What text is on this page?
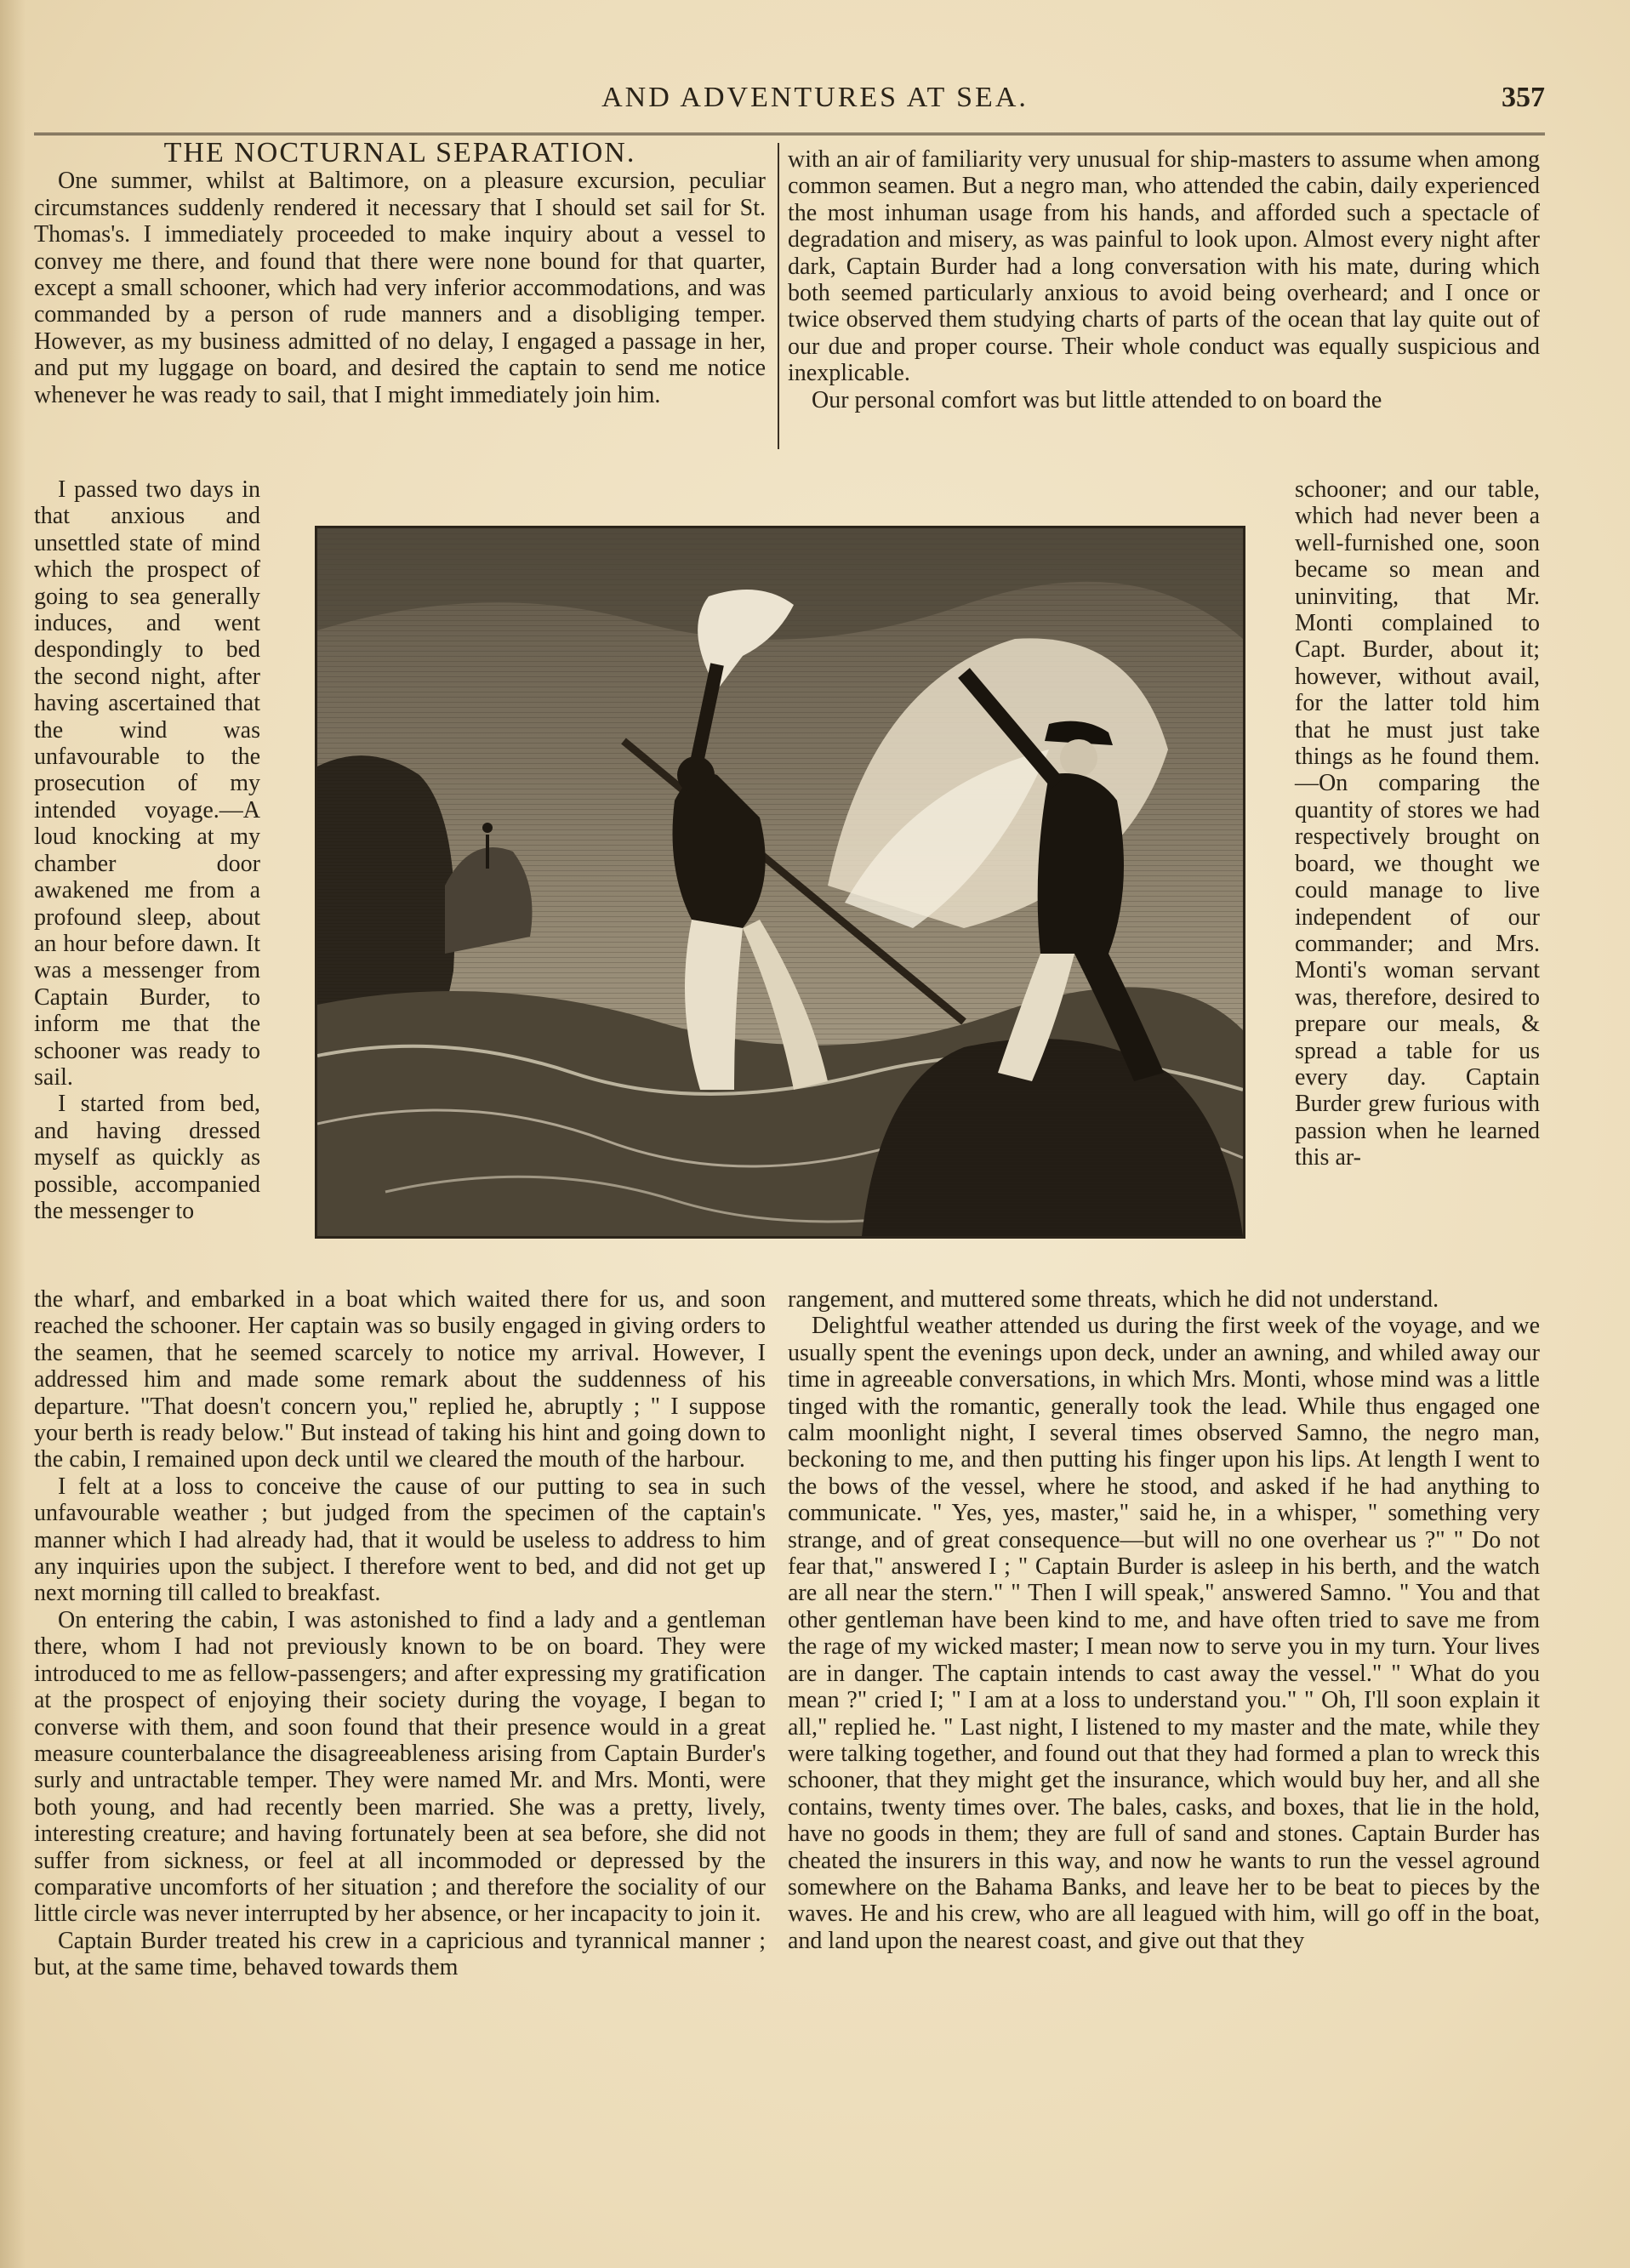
AND ADVENTURES AT SEA.	357
THE NOCTURNAL SEPARATION.

One summer, whilst at Baltimore, on a pleasure excursion, peculiar circumstances suddenly rendered it necessary that I should set sail for St. Thomas's. I immediately proceeded to make inquiry about a vessel to convey me there, and found that there were none bound for that quarter, except a small schooner, which had very inferior accommodations, and was commanded by a person of rude manners and a disobliging temper. However, as my business admitted of no delay, I engaged a passage in her, and put my luggage on board, and desired the captain to send me notice whenever he was ready to sail, that I might immediately join him.

I passed two days in that anxious and unsettled state of mind which the prospect of going to sea generally induces, and went despondingly to bed the second night, after having ascertained that the wind was unfavourable to the prosecution of my intended voyage.—A loud knocking at my chamber door awakened me from a profound sleep, about an hour before dawn. It was a messenger from Captain Burder, to inform me that the schooner was ready to sail.

I started from bed, and having dressed myself as quickly as possible, accompanied the messenger to

the wharf, and embarked in a boat which waited there for us, and soon reached the schooner. Her captain was so busily engaged in giving orders to the seamen, that he seemed scarcely to notice my arrival. However, I addressed him and made some remark about the suddenness of his departure. "That doesn't concern you," replied he, abruptly ; " I suppose your berth is ready below." But instead of taking his hint and going down to the cabin, I remained upon deck until we cleared the mouth of the harbour.

I felt at a loss to conceive the cause of our putting to sea in such unfavourable weather ; but judged from the specimen of the captain's manner which I had already had, that it would be useless to address to him any inquiries upon the subject. I therefore went to bed, and did not get up next morning till called to breakfast.

On entering the cabin, I was astonished to find a lady and a gentleman there, whom I had not previously known to be on board. They were introduced to me as fellow-passengers; and after expressing my gratification at the prospect of enjoying their society during the voyage, I began to converse with them, and soon found that their presence would in a great measure counterbalance the disagreeableness arising from Captain Burder's surly and untractable temper. They were named Mr. and Mrs. Monti, were both young, and had recently been married. She was a pretty, lively, interesting creature; and having fortunately been at sea before, she did not suffer from sickness, or feel at all incommoded or depressed by the comparative uncomforts of her situation ; and therefore the sociality of our little circle was never interrupted by her absence, or her incapacity to join it.

Captain Burder treated his crew in a capricious and tyrannical manner ; but, at the same time, behaved towards them

with an air of familiarity very unusual for ship-masters to assume when among common seamen. But a negro man, who attended the cabin, daily experienced the most inhuman usage from his hands, and afforded such a spectacle of degradation and misery, as was painful to look upon. Almost every night after dark, Captain Burder had a long conversation with his mate, during which both seemed particularly anxious to avoid being overheard; and I once or twice observed them studying charts of parts of the ocean that lay quite out of our due and proper course. Their whole conduct was equally suspicious and inexplicable.

Our personal comfort was but little attended to on board the

schooner; and our table, which had never been a well-furnished one, soon became so mean and uninviting, that Mr. Monti complained to Capt. Burder, about it; however, without avail, for the latter told him that he must just take things as he found them.—On comparing the quantity of stores we had respectively brought on board, we thought we could manage to live independent of our commander; and Mrs. Monti's woman servant was, therefore, desired to prepare our meals, & spread a table for us every day. Captain Burder grew furious with passion when he learned this ar-

rangement, and muttered some threats, which he did not understand.

Delightful weather attended us during the first week of the voyage, and we usually spent the evenings upon deck, under an awning, and whiled away our time in agreeable conversations, in which Mrs. Monti, whose mind was a little tinged with the romantic, generally took the lead. While thus engaged one calm moonlight night, I several times observed Samno, the negro man, beckoning to me, and then putting his finger upon his lips. At length I went to the bows of the vessel, where he stood, and asked if he had anything to communicate. " Yes, yes, master," said he, in a whisper, " something very strange, and of great consequence—but will no one overhear us ?" " Do not fear that," answered I ; " Captain Burder is asleep in his berth, and the watch are all near the stern." " Then I will speak," answered Samno. " You and that other gentleman have been kind to me, and have often tried to save me from the rage of my wicked master; I mean now to serve you in my turn. Your lives are in danger. The captain intends to cast away the vessel." " What do you mean ?" cried I; " I am at a loss to understand you." " Oh, I'll soon explain it all," replied he. " Last night, I listened to my master and the mate, while they were talking together, and found out that they had formed a plan to wreck this schooner, that they might get the insurance, which would buy her, and all she contains, twenty times over. The bales, casks, and boxes, that lie in the hold, have no goods in them; they are full of sand and stones. Captain Burder has cheated the insurers in this way, and now he wants to run the vessel aground somewhere on the Bahama Banks, and leave her to be beat to pieces by the waves. He and his crew, who are all leagued with him, will go off in the boat, and land upon the nearest coast, and give out that they
